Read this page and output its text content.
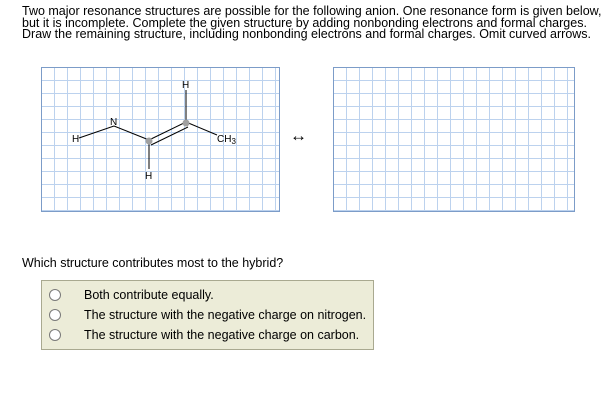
Two major resonance structures are possible for the following anion. One resonance form is given below,
but it is incomplete. Complete the given structure by adding nonbonding electrons and formal charges.
Draw the remaining structure, including nonbonding electrons and formal charges. Omit curved arrows.
H
N
H
H
$CH_3$	↔
Which structure contributes most to the hybrid?
Both contribute equally.
The structure with the negative charge on nitrogen.
The structure with the negative charge on carbon.
